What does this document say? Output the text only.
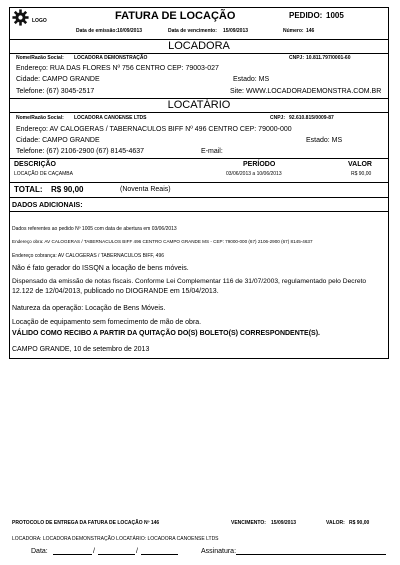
LOGO	FATURA DE LOCAÇÃO	PEDIDO: 1005
Data de emissão: 10/09/2013	Data de vencimento: 15/09/2013	Número: 146
LOCADORA
Nome/Razão Social: LOCADORA DEMONSTRAÇÃO	CNPJ: 10.811.797/0001-60
Endereço: RUA DAS FLORES Nº 756 CENTRO CEP: 79003-027
Cidade: CAMPO GRANDE	Estado: MS
Telefone: (67) 3045-2517	Site: WWW.LOCADORADEMONSTRA.COM.BR
LOCATÁRIO
Nome/Razão Social: LOCADORA CANOENSE LTDS	CNPJ: 92.610.815/0009-87
Endereço: AV CALOGERAS / TABERNACULOS BIFF Nº 496 CENTRO CEP: 79000-000
Cidade: CAMPO GRANDE	Estado: MS
Telefone: (67) 2106-2900 (67) 8145-4637	E-mail:
DESCRIÇÃO	PERÍODO	VALOR
LOCAÇÃO DE CAÇAMBA	03/06/2013 a 10/06/2013	R$ 90,00
TOTAL: R$ 90,00	(Noventa Reais)
DADOS ADICIONAIS:
Dados referentes ao pedido Nº 1005 com data de abertura em 03/06/2013
Endereço obra: AV CALOGERAS / TABERNACULOS BIFF 496 CENTRO CAMPO GRANDE MS - CEP: 79000-000 (67) 2106-2900 (67) 8145-4637
Endereço cobrança: AV CALOGERAS / TABERNACULOS BIFF, 496
Não é fato gerador do ISSQN a locação de bens móveis.
Dispensado da emissão de notas fiscais. Conforme Lei Complementar 116 de 31/07/2003, regulamentado pelo Decreto
12.122 de 12/04/2013, publicado no DIOGRANDE em 15/04/2013.
Natureza da operação: Locação de Bens Móveis.
Locação de equipamento sem fornecimento de mão de obra.
VÁLIDO COMO RECIBO A PARTIR DA QUITAÇÃO DO(S) BOLETO(S) CORRESPONDENTE(S).
CAMPO GRANDE, 10 de setembro de 2013
PROTOCOLO DE ENTREGA DA FATURA DE LOCAÇÃO Nº 146	VENCIMENTO: 15/09/2013	VALOR: R$ 90,00
LOCADORA: LOCADORA DEMONSTRAÇÃO LOCATÁRIO: LOCADORA CANOENSE LTDS
Data:	/	/	Assinatura:
